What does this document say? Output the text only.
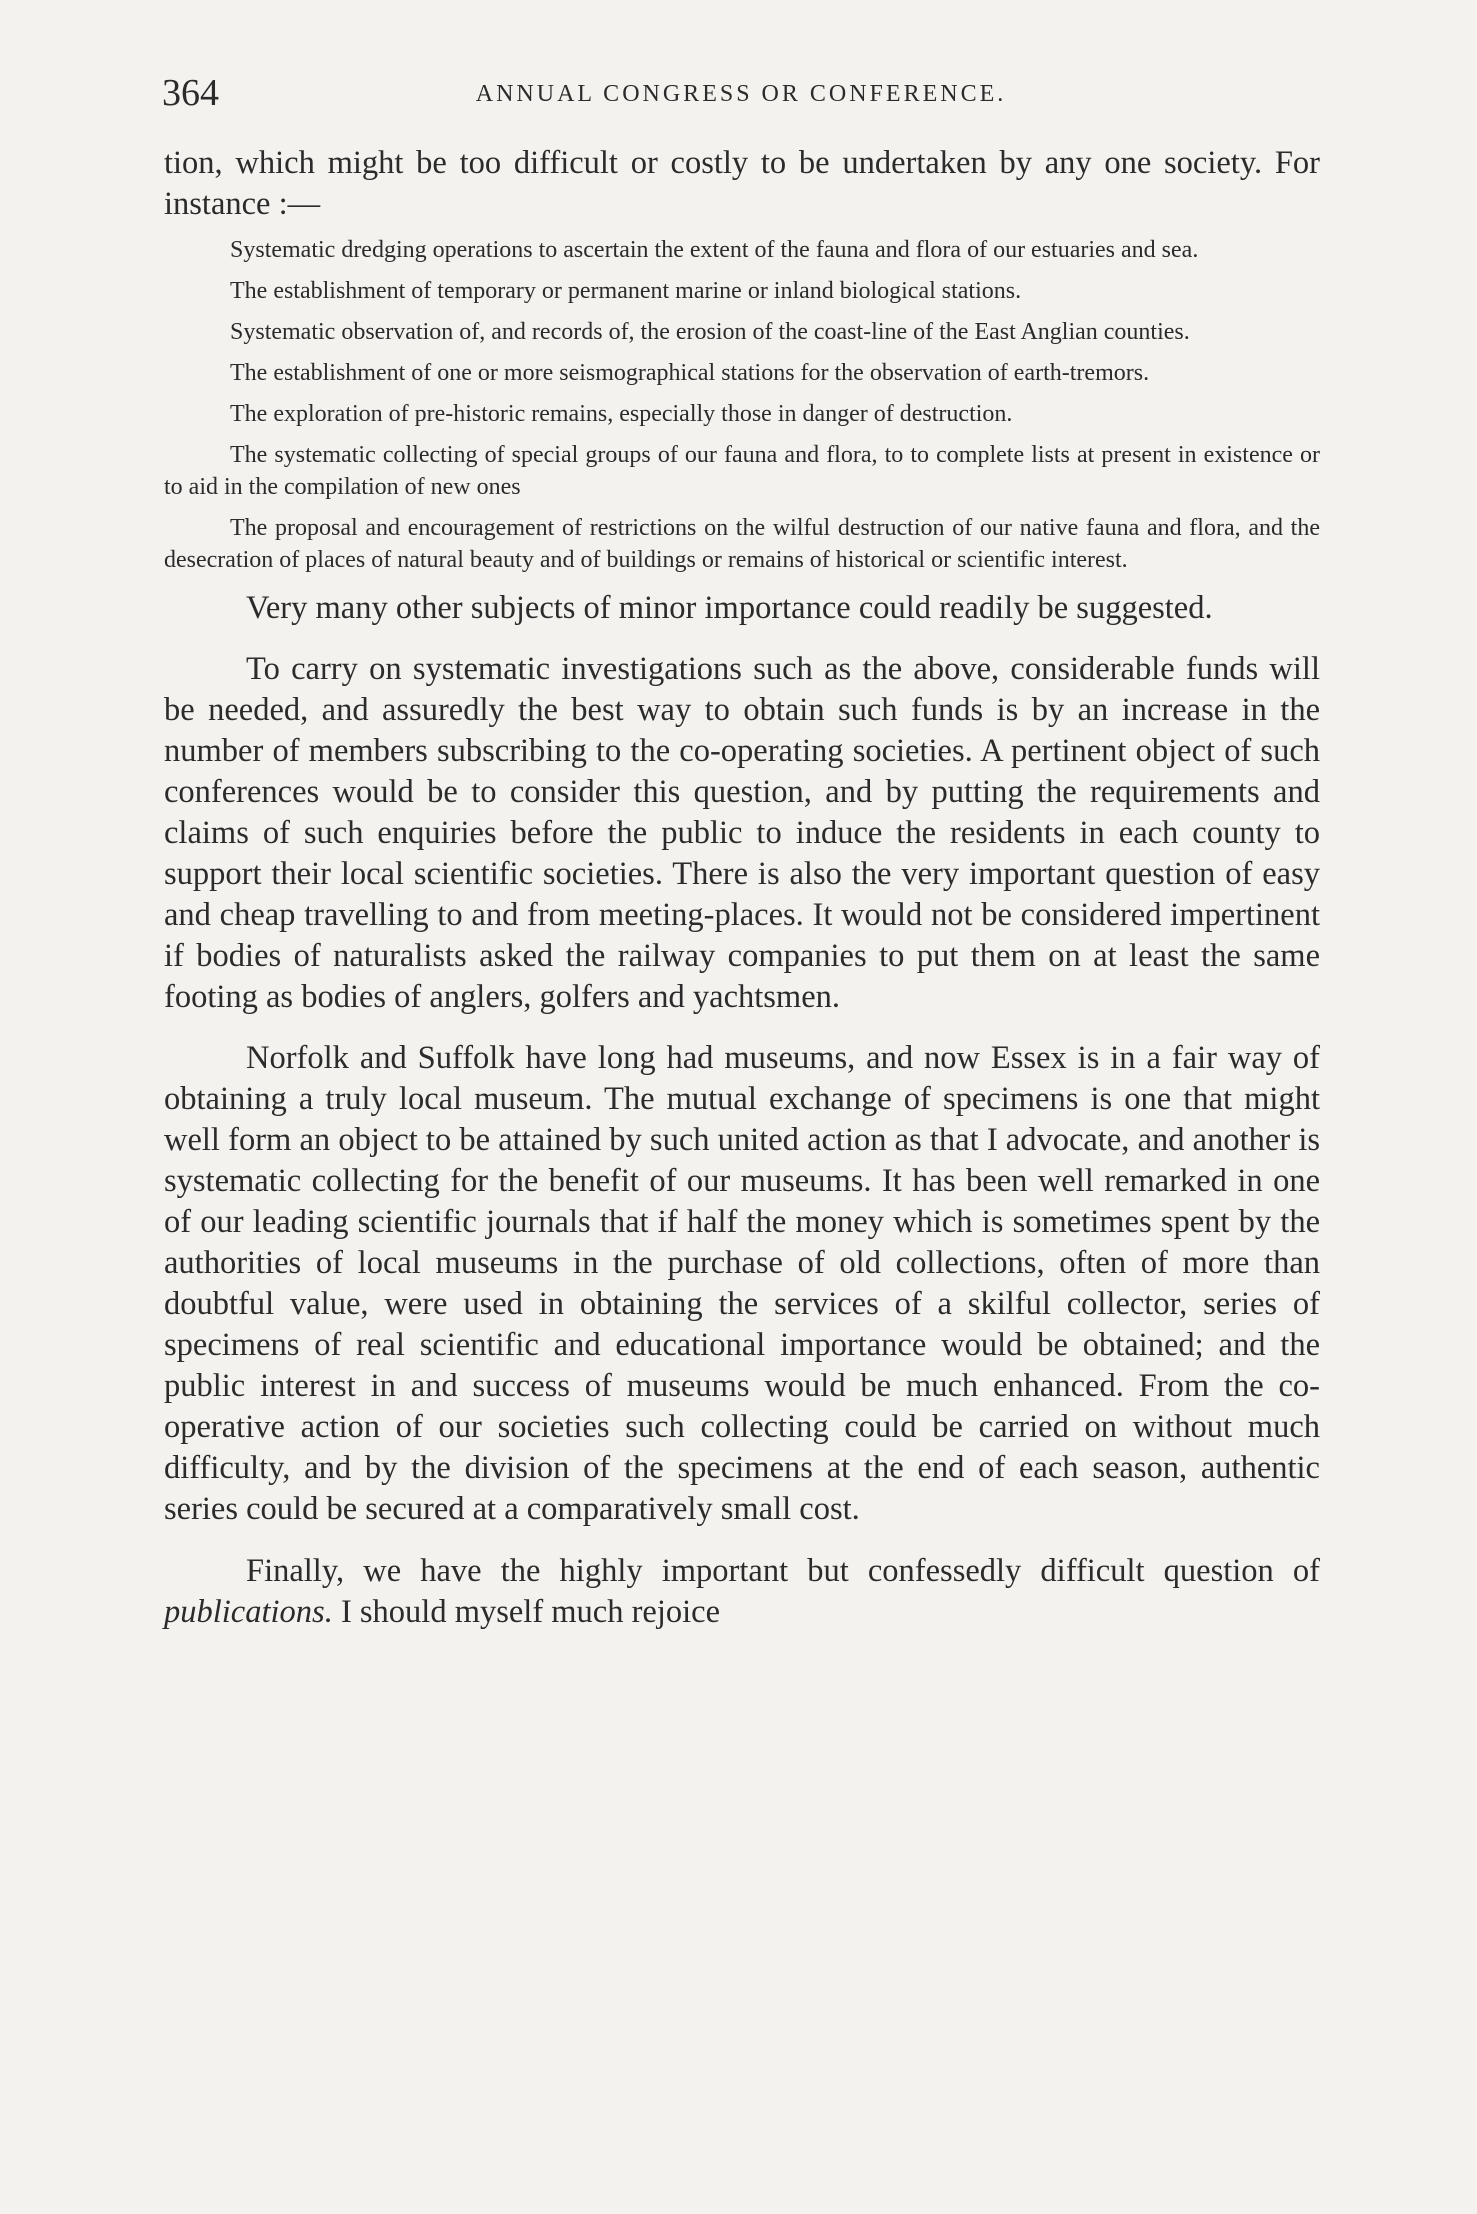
364	ANNUAL CONGRESS OR CONFERENCE.

tion, which might be too difficult or costly to be undertaken by any one society. For instance :—

Systematic dredging operations to ascertain the extent of the fauna and flora of our estuaries and sea.

The establishment of temporary or permanent marine or inland biological stations.

Systematic observation of, and records of, the erosion of the coast-line of the East Anglian counties.

The establishment of one or more seismographical stations for the observation of earth-tremors.

The exploration of pre-historic remains, especially those in danger of destruction.

The systematic collecting of special groups of our fauna and flora, to to complete lists at present in existence or to aid in the compilation of new ones

The proposal and encouragement of restrictions on the wilful destruction of our native fauna and flora, and the desecration of places of natural beauty and of buildings or remains of historical or scientific interest.

Very many other subjects of minor importance could readily be suggested.

To carry on systematic investigations such as the above, considerable funds will be needed, and assuredly the best way to obtain such funds is by an increase in the number of members subscribing to the co-operating societies. A pertinent object of such conferences would be to consider this question, and by putting the requirements and claims of such enquiries before the public to induce the residents in each county to support their local scientific societies. There is also the very important question of easy and cheap travelling to and from meeting-places. It would not be considered impertinent if bodies of naturalists asked the railway companies to put them on at least the same footing as bodies of anglers, golfers and yachtsmen.

Norfolk and Suffolk have long had museums, and now Essex is in a fair way of obtaining a truly local museum. The mutual exchange of specimens is one that might well form an object to be attained by such united action as that I advocate, and another is systematic collecting for the benefit of our museums. It has been well remarked in one of our leading scientific journals that if half the money which is sometimes spent by the authorities of local museums in the purchase of old collections, often of more than doubtful value, were used in obtaining the services of a skilful collector, series of specimens of real scientific and educational importance would be obtained; and the public interest in and success of museums would be much enhanced. From the co-operative action of our societies such collecting could be carried on without much difficulty, and by the division of the specimens at the end of each season, authentic series could be secured at a comparatively small cost.

Finally, we have the highly important but confessedly difficult question of publications. I should myself much rejoice
